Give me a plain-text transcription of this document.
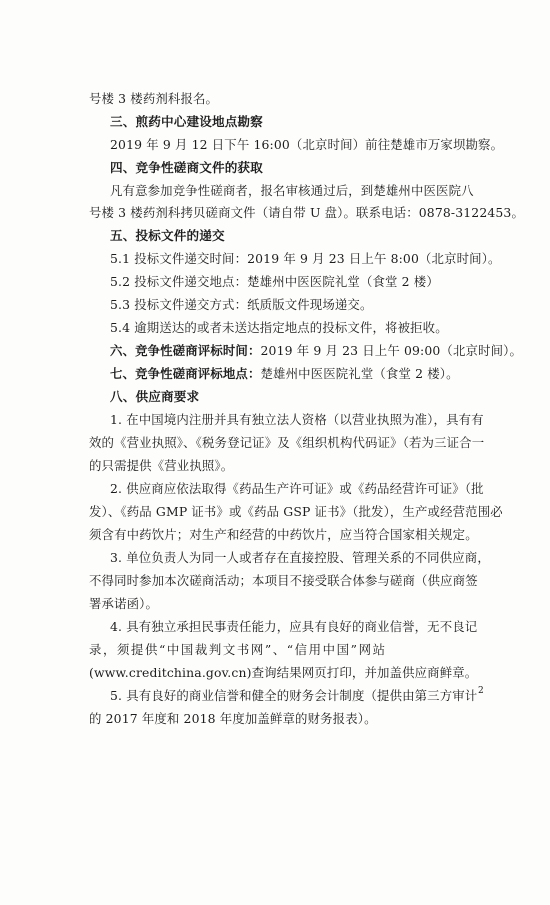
号楼 3 楼药剂科报名。
三、煎药中心建设地点勘察
2019 年 9 月 12 日下午 16:00（北京时间）前往楚雄市万家坝勘察。
四、竞争性磋商文件的获取
凡有意参加竞争性磋商者，报名审核通过后，到楚雄州中医医院八
号楼 3 楼药剂科拷贝磋商文件（请自带 U 盘）。联系电话：0878-3122453。
五、投标文件的递交
5.1 投标文件递交时间：2019 年 9 月 23 日上午 8:00（北京时间）。
5.2 投标文件递交地点：楚雄州中医医院礼堂（食堂 2 楼）
5.3 投标文件递交方式：纸质版文件现场递交。
5.4 逾期送达的或者未送达指定地点的投标文件，将被拒收。
六、竞争性磋商评标时间：2019 年 9 月 23 日上午 09:00（北京时间）。
七、竞争性磋商评标地点：楚雄州中医医院礼堂（食堂 2 楼）。
八、供应商要求
1. 在中国境内注册并具有独立法人资格（以营业执照为准），具有有
效的《营业执照》、《税务登记证》及《组织机构代码证》（若为三证合一
的只需提供《营业执照》。
2. 供应商应依法取得《药品生产许可证》或《药品经营许可证》（批
发）、《药品 GMP 证书》或《药品 GSP 证书》（批发），生产或经营范围必
须含有中药饮片；对生产和经营的中药饮片，应当符合国家相关规定。
3. 单位负责人为同一人或者存在直接控股、管理关系的不同供应商，
不得同时参加本次磋商活动；本项目不接受联合体参与磋商（供应商签
署承诺函）。
4. 具有独立承担民事责任能力，应具有良好的商业信誉，无不良记
录，须提供“中国裁判文书网”、“信用中国”网站
(www.creditchina.gov.cn)查询结果网页打印，并加盖供应商鲜章。
5. 具有良好的商业信誉和健全的财务会计制度（提供由第三方审计
的 2017 年度和 2018 年度加盖鲜章的财务报表）。
2
